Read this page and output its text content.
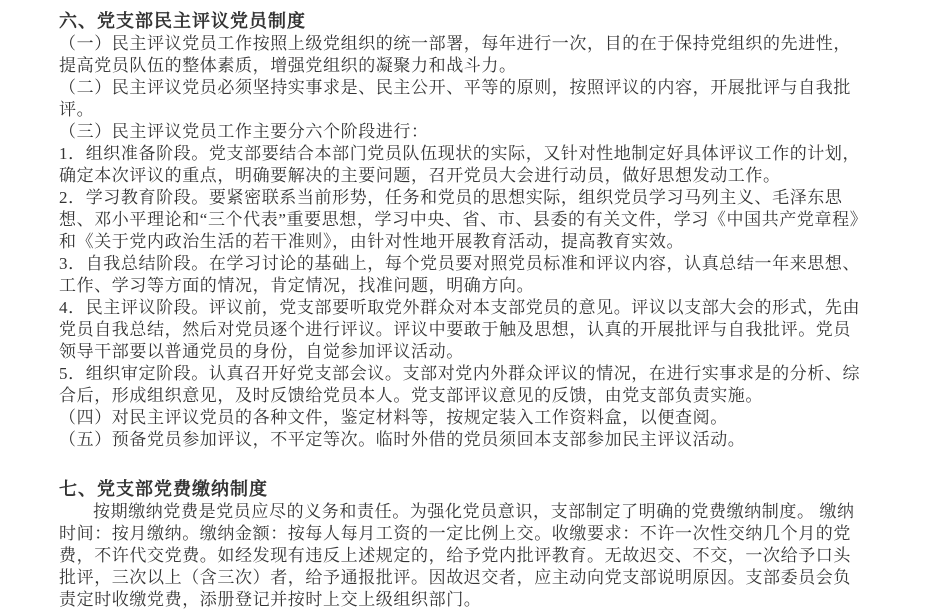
六、党支部民主评议党员制度

（一）民主评议党员工作按照上级党组织的统一部署，每年进行一次，目的在于保持党组织的先进性，提高党员队伍的整体素质，增强党组织的凝聚力和战斗力。

（二）民主评议党员必须坚持实事求是、民主公开、平等的原则，按照评议的内容，开展批评与自我批评。

（三）民主评议党员工作主要分六个阶段进行：

1．组织准备阶段。党支部要结合本部门党员队伍现状的实际，又针对性地制定好具体评议工作的计划，确定本次评议的重点，明确要解决的主要问题，召开党员大会进行动员，做好思想发动工作。

2．学习教育阶段。要紧密联系当前形势，任务和党员的思想实际，组织党员学习马列主义、毛泽东思想、邓小平理论和“三个代表”重要思想，学习中央、省、市、县委的有关文件，学习《中国共产党章程》和《关于党内政治生活的若干准则》，由针对性地开展教育活动，提高教育实效。

3．自我总结阶段。在学习讨论的基础上，每个党员要对照党员标准和评议内容，认真总结一年来思想、工作、学习等方面的情况，肯定情况，找准问题，明确方向。

4．民主评议阶段。评议前，党支部要听取党外群众对本支部党员的意见。评议以支部大会的形式，先由党员自我总结，然后对党员逐个进行评议。评议中要敢于触及思想，认真的开展批评与自我批评。党员领导干部要以普通党员的身份，自觉参加评议活动。

5．组织审定阶段。认真召开好党支部会议。支部对党内外群众评议的情况，在进行实事求是的分析、综合后，形成组织意见，及时反馈给党员本人。党支部评议意见的反馈，由党支部负责实施。

（四）对民主评议党员的各种文件，鉴定材料等，按规定装入工作资料盒，以便查阅。

（五）预备党员参加评议，不平定等次。临时外借的党员须回本支部参加民主评议活动。

七、党支部党费缴纳制度

按期缴纳党费是党员应尽的义务和责任。为强化党员意识，支部制定了明确的党费缴纳制度。 缴纳时间：按月缴纳。缴纳金额：按每人每月工资的一定比例上交。收缴要求：不许一次性交纳几个月的党费，不许代交党费。如经发现有违反上述规定的，给予党内批评教育。无故迟交、不交，一次给予口头批评，三次以上（含三次）者，给予通报批评。因故迟交者，应主动向党支部说明原因。支部委员会负责定时收缴党费，添册登记并按时上交上级组织部门。
